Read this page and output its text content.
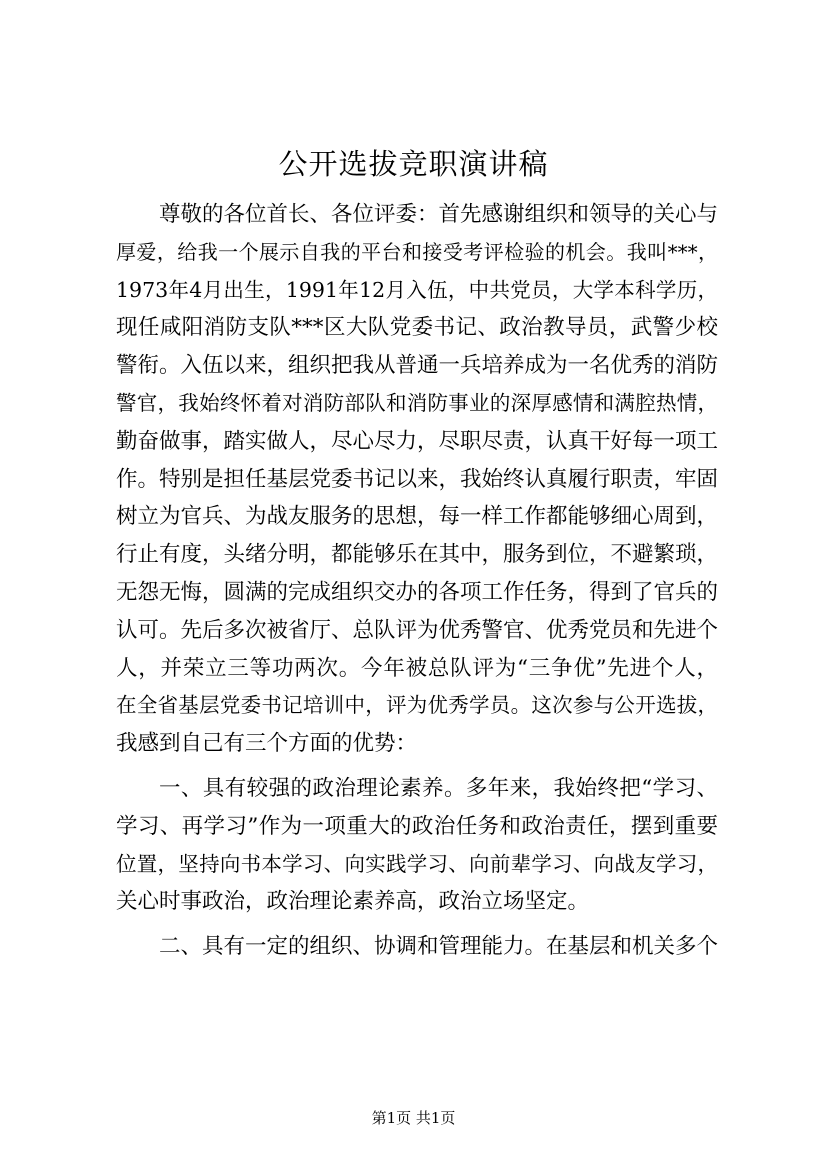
公开选拔竞职演讲稿
尊敬的各位首长、各位评委：首先感谢组织和领导的关心与
厚爱，给我一个展示自我的平台和接受考评检验的机会。我叫***，
1973年4月出生，1991年12月入伍，中共党员，大学本科学历，
现任咸阳消防支队***区大队党委书记、政治教导员，武警少校
警衔。入伍以来，组织把我从普通一兵培养成为一名优秀的消防
警官，我始终怀着对消防部队和消防事业的深厚感情和满腔热情，
勤奋做事，踏实做人，尽心尽力，尽职尽责，认真干好每一项工
作。特别是担任基层党委书记以来，我始终认真履行职责，牢固
树立为官兵、为战友服务的思想，每一样工作都能够细心周到，
行止有度，头绪分明，都能够乐在其中，服务到位，不避繁琐，
无怨无悔，圆满的完成组织交办的各项工作任务，得到了官兵的
认可。先后多次被省厅、总队评为优秀警官、优秀党员和先进个
人，并荣立三等功两次。今年被总队评为“三争优”先进个人，
在全省基层党委书记培训中，评为优秀学员。这次参与公开选拔，
我感到自己有三个方面的优势：
一、具有较强的政治理论素养。多年来，我始终把“学习、
学习、再学习”作为一项重大的政治任务和政治责任，摆到重要
位置，坚持向书本学习、向实践学习、向前辈学习、向战友学习，
关心时事政治，政治理论素养高，政治立场坚定。
二、具有一定的组织、协调和管理能力。在基层和机关多个
第1页 共1页
